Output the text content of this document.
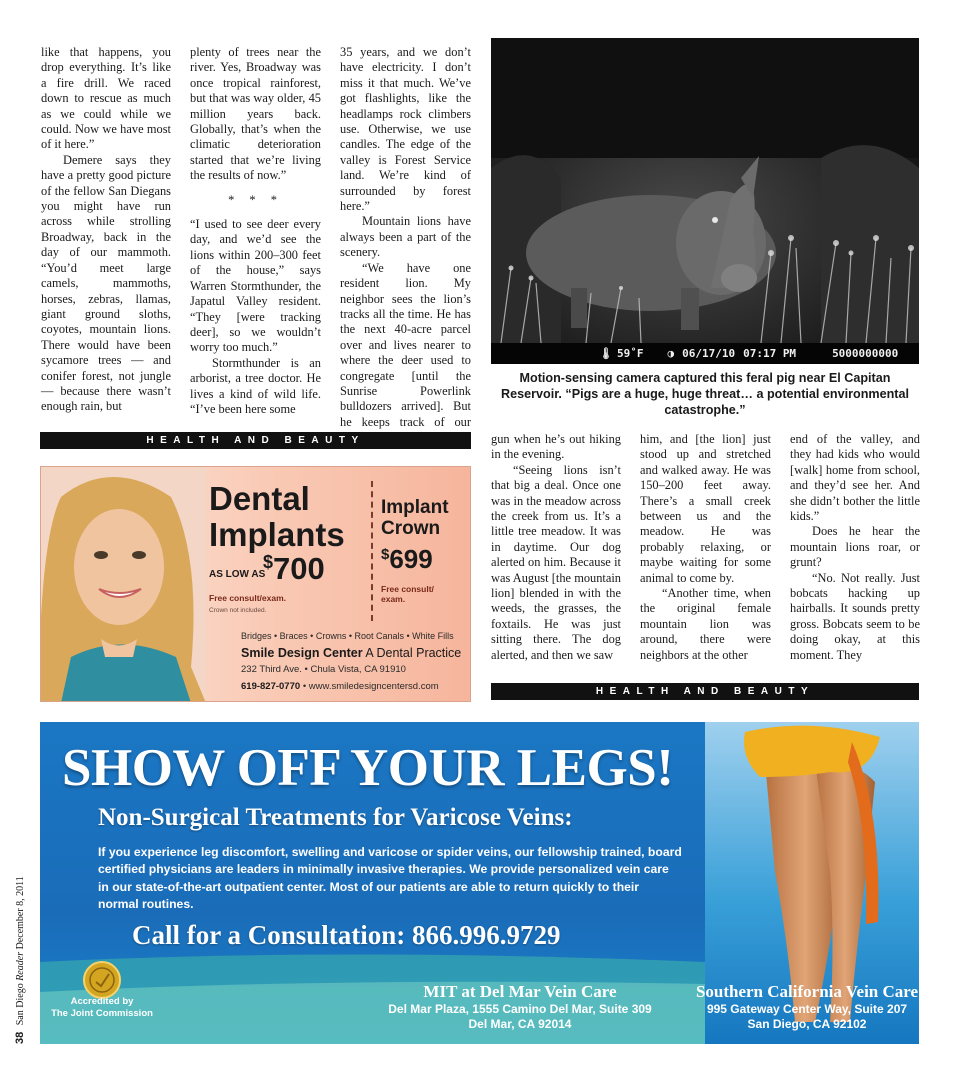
like that happens, you drop everything. It’s like a fire drill. We raced down to rescue as much as we could while we could. Now we have most of it here.”

Demere says they have a pretty good picture of the fellow San Diegans you might have run across while strolling Broadway, back in the day of our mammoth. “You’d meet large camels, mammoths, horses, zebras, llamas, giant ground sloths, coyotes, mountain lions. There would have been sycamore trees — and conifer forest, not jungle — because there wasn’t enough rain, but

plenty of trees near the river. Yes, Broadway was once tropical rainforest, but that was way older, 45 million years back. Globally, that’s when the climatic deterioration started that we’re living the results of now.”

* * *

“I used to see deer every day, and we’d see the lions within 200–300 feet of the house,” says Warren Stormthunder, the Japatul Valley resident. “They [were tracking deer], so we wouldn’t worry too much.”

Stormthunder is an arborist, a tree doctor. He lives a kind of wild life. “I’ve been here some

35 years, and we don’t have electricity. I don’t miss it that much. We’ve got flashlights, like the headlamps rock climbers use. Otherwise, we use candles. The edge of the valley is Forest Service land. We’re kind of surrounded by forest here.”

Mountain lions have always been a part of the scenery.

“We have one resident lion. My neighbor sees the lion’s tracks all the time. He has the next 40-acre parcel over and lives nearer to where the deer used to congregate [until the Sunrise Powerlink bulldozers arrived]. But he keeps track of our

gun when he’s out hiking in the evening.

“Seeing lions isn’t that big a deal. Once one was in the meadow across the creek from us. It’s a little tree meadow. It was in daytime. Our dog alerted on him. Because it was August [the mountain lion] blended in with the weeds, the grasses, the foxtails. He was just sitting there. The dog alerted, and then we saw

him, and [the lion] just stood up and stretched and walked away. He was 150–200 feet away. There’s a small creek between us and the meadow. He was probably relaxing, or maybe waiting for some animal to come by.

“Another time, when the original female mountain lion was around, there were neighbors at the other

end of the valley, and they had kids who would [walk] home from school, and they’d see her. And she didn’t bother the little kids.”

Does he hear the mountain lions roar, or grunt?

“No. Not really. Just bobcats hacking up hairballs. It sounds pretty gross. Bobcats seem to be doing okay, at this moment. They

🌡 59˚F ◑ 06/17/10 07:17 PM	5000000000
Motion-sensing camera captured this feral pig near El Capitan Reservoir. “Pigs are a huge, huge threat… a potential environmental catastrophe.”
HEALTH AND BEAUTY
HEALTH AND BEAUTY
Dental
Implants
AS LOW AS
$700
Free consult/exam.
Crown not included.
Implant
Crown
$699
Free consult/
exam.
Bridges • Braces • Crowns • Root Canals • White Fills
Smile Design Center A Dental Practice
232 Third Ave. • Chula Vista, CA 91910
619-827-0770 • www.smiledesigncentersd.com
SHOW OFF YOUR LEGS!
Non-Surgical Treatments for Varicose Veins:
If you experience leg discomfort, swelling and varicose or spider veins, our fellowship trained, board certified physicians are leaders in minimally invasive therapies. We provide personalized vein care in our state-of-the-art outpatient center. Most of our patients are able to return quickly to their normal routines.
Call for a Consultation: 866.996.9729
Accredited by
The Joint Commission
MIT at Del Mar Vein Care
Del Mar Plaza, 1555 Camino Del Mar, Suite 309
Del Mar, CA 92014
Southern California Vein Care
995 Gateway Center Way, Suite 207
San Diego, CA 92102
38 San Diego Reader December 8, 2011
